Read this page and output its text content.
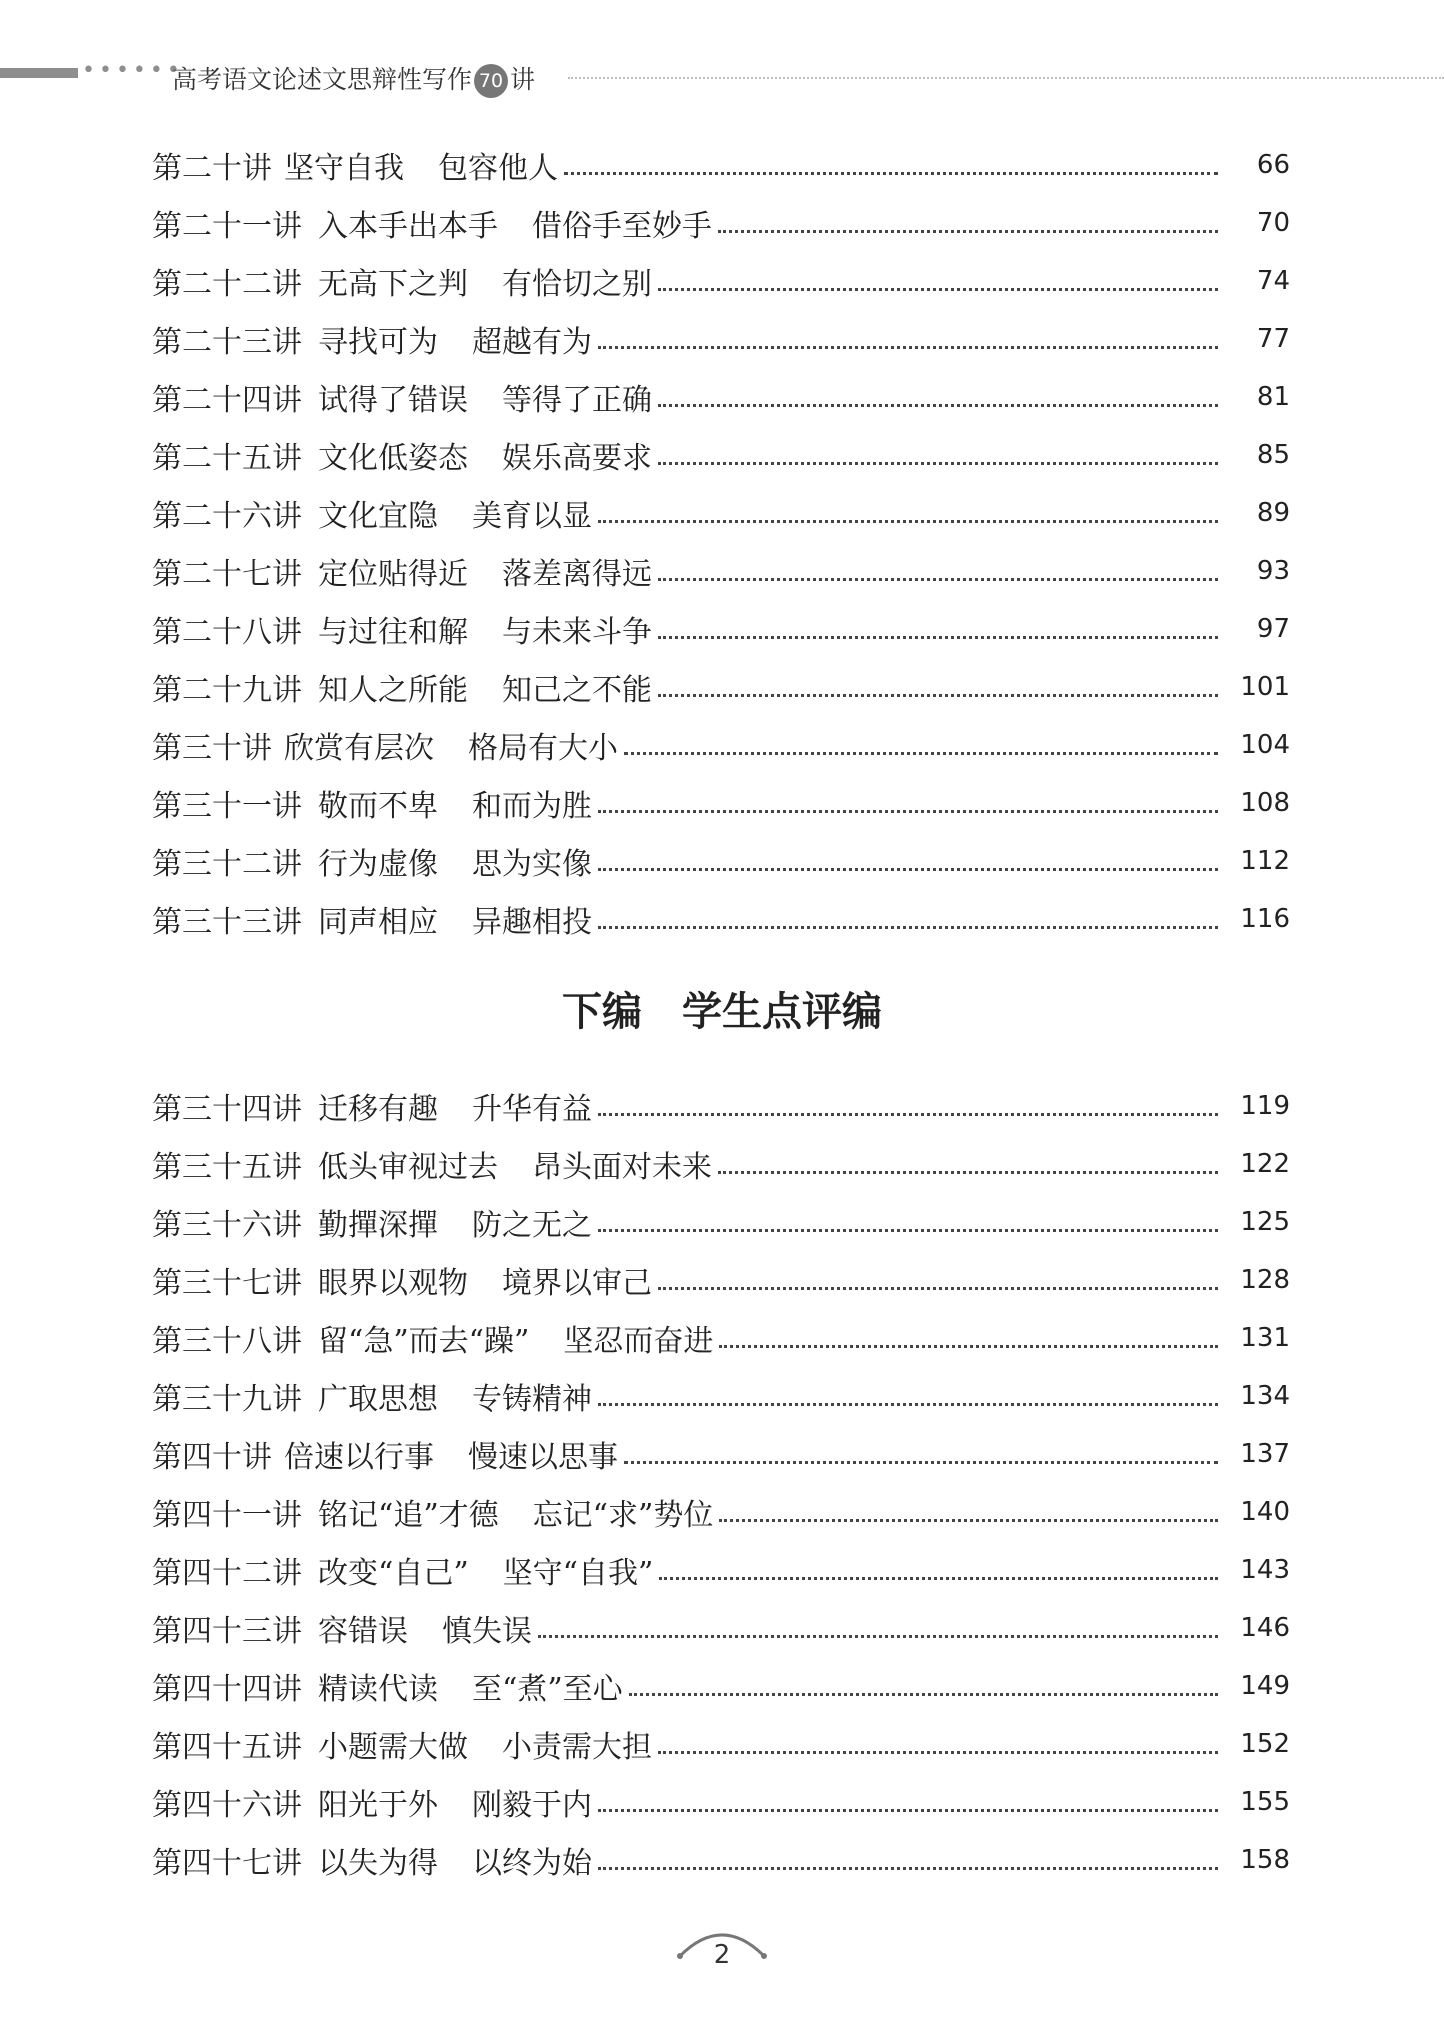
••••••
高考语文论述文思辩性写作 70 讲
第二十讲 坚守自我 包容他人	66
第二十一讲 入本手出本手 借俗手至妙手	70
第二十二讲 无高下之判 有恰切之别	74
第二十三讲 寻找可为 超越有为	77
第二十四讲 试得了错误 等得了正确	81
第二十五讲 文化低姿态 娱乐高要求	85
第二十六讲 文化宜隐 美育以显	89
第二十七讲 定位贴得近 落差离得远	93
第二十八讲 与过往和解 与未来斗争	97
第二十九讲 知人之所能 知己之不能	101
第三十讲 欣赏有层次 格局有大小	104
第三十一讲 敬而不卑 和而为胜	108
第三十二讲 行为虚像 思为实像	112
第三十三讲 同声相应 异趣相投	116
下编　学生点评编
第三十四讲 迁移有趣 升华有益	119
第三十五讲 低头审视过去 昂头面对未来	122
第三十六讲 勤撣深撣 防之无之	125
第三十七讲 眼界以观物 境界以审己	128
第三十八讲 留“急”而去“躁” 坚忍而奋进	131
第三十九讲 广取思想 专铸精神	134
第四十讲 倍速以行事 慢速以思事	137
第四十一讲 铭记“追”才德 忘记“求”势位	140
第四十二讲 改变“自己” 坚守“自我”	143
第四十三讲 容错误 慎失误	146
第四十四讲 精读代读 至“煮”至心	149
第四十五讲 小题需大做 小责需大担	152
第四十六讲 阳光于外 刚毅于内	155
第四十七讲 以失为得 以终为始	158
2
